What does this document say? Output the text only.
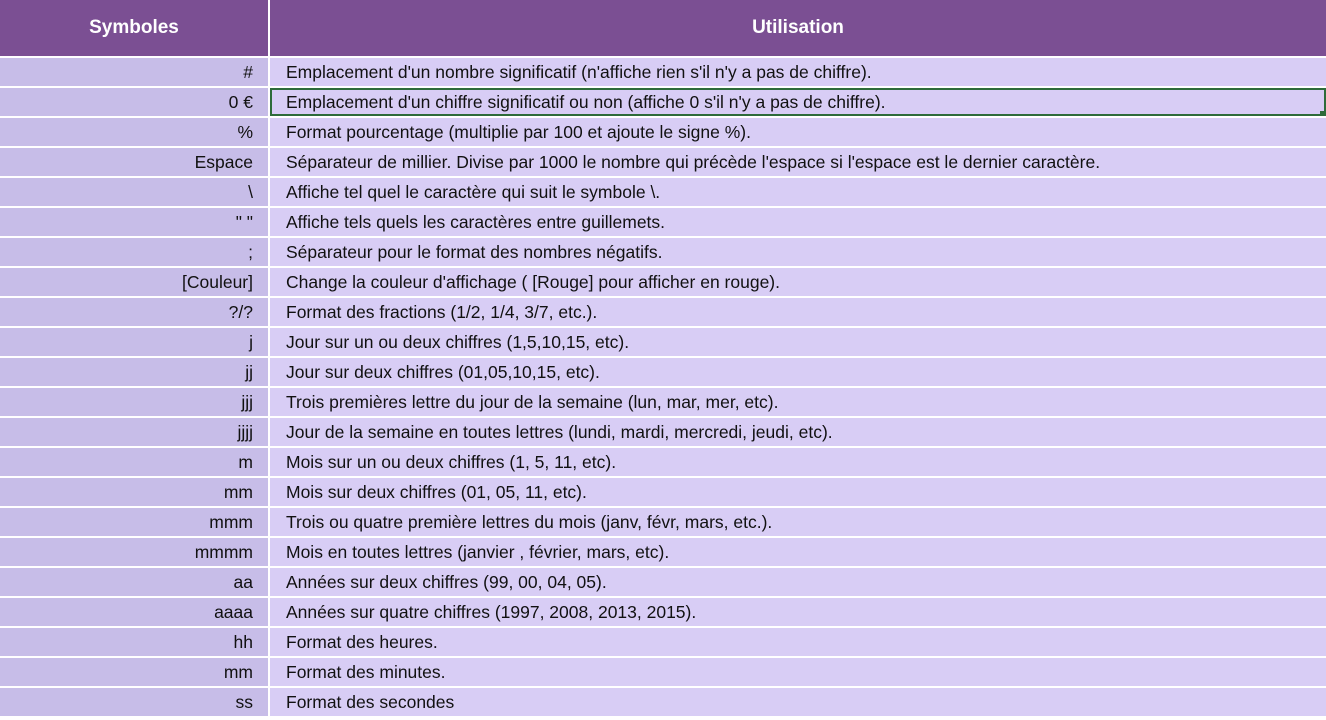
Symboles	Utilisation
#	Emplacement d'un nombre significatif (n'affiche rien s'il n'y a pas de chiffre).
0 €	Emplacement d'un chiffre significatif ou non (affiche 0 s'il n'y a pas de chiffre).
%	Format pourcentage (multiplie par 100 et ajoute le signe %).
Espace	Séparateur de millier. Divise par 1000 le nombre qui précède l'espace si l'espace est le dernier caractère.
\	Affiche tel quel le caractère qui suit le symbole \.
" "	Affiche tels quels les caractères entre guillemets.
;	Séparateur pour le format des nombres négatifs.
[Couleur]	Change la couleur d'affichage ( [Rouge] pour afficher en rouge).
?/?	Format des fractions (1/2, 1/4, 3/7, etc.).
j	Jour sur un ou deux chiffres (1,5,10,15, etc).
jj	Jour sur deux chiffres (01,05,10,15, etc).
jjj	Trois premières lettre du jour de la semaine (lun, mar, mer, etc).
jjjj	Jour de la semaine en toutes lettres (lundi, mardi, mercredi, jeudi, etc).
m	Mois sur un ou deux chiffres (1, 5, 11, etc).
mm	Mois sur deux chiffres (01, 05, 11, etc).
mmm	Trois ou quatre première lettres du mois (janv, févr, mars, etc.).
mmmm	Mois en toutes lettres (janvier , février, mars, etc).
aa	Années sur deux chiffres (99, 00, 04, 05).
aaaa	Années sur quatre chiffres (1997, 2008, 2013, 2015).
hh	Format des heures.
mm	Format des minutes.
ss	Format des secondes
